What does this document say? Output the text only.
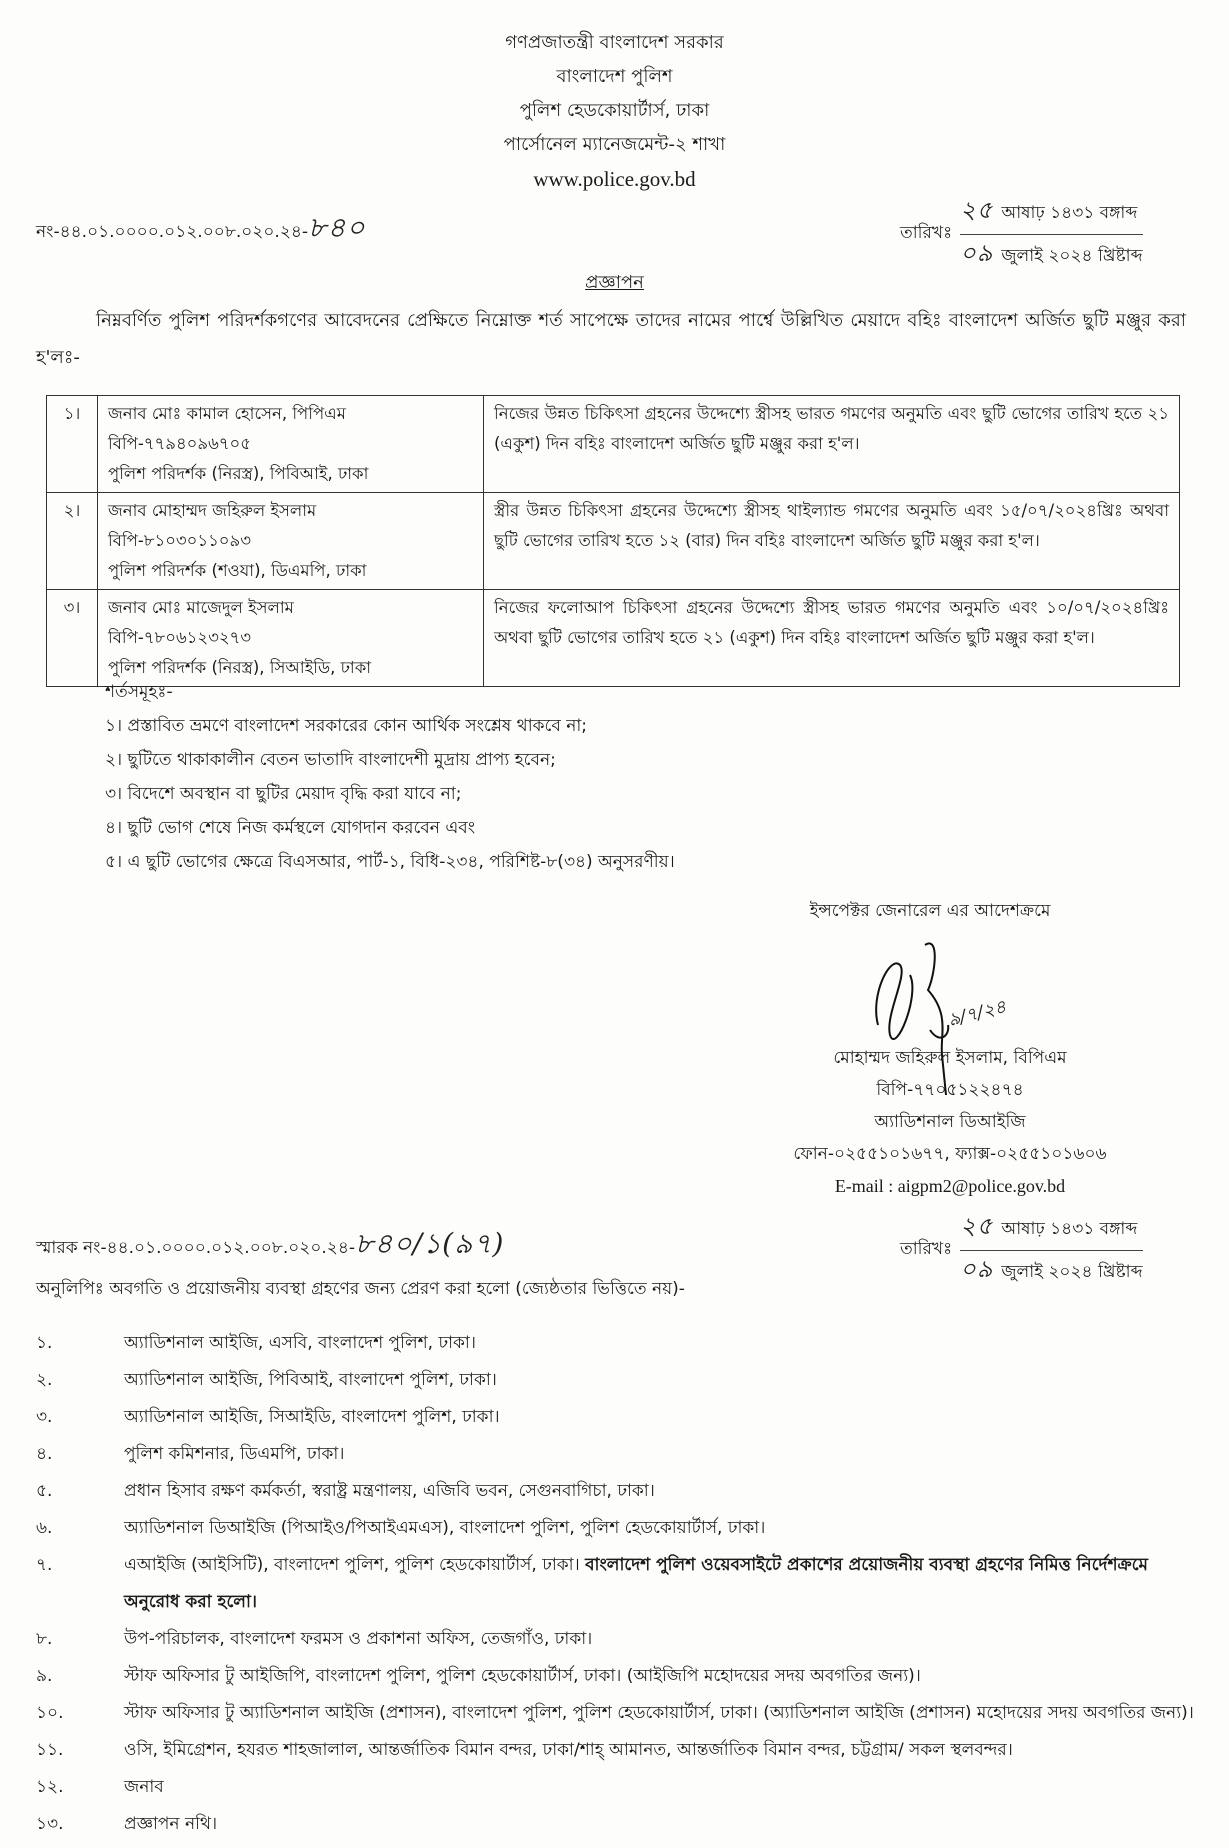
গণপ্রজাতন্ত্রী বাংলাদেশ সরকার
বাংলাদেশ পুলিশ
পুলিশ হেডকোয়ার্টার্স, ঢাকা
পার্সোনেল ম্যানেজমেন্ট-২ শাখা
www.police.gov.bd
নং-৪৪.০১.০০০০.০১২.০০৮.০২০.২৪- ৮৪০	তারিখঃ
২৫ আষাঢ় ১৪৩১ বঙ্গাব্দ
০৯ জুলাই ২০২৪ খ্রিষ্টাব্দ
প্রজ্ঞাপন
নিম্নবর্ণিত পুলিশ পরিদর্শকগণের আবেদনের প্রেক্ষিতে নিম্নোক্ত শর্ত সাপেক্ষে তাদের নামের পার্শ্বে উল্লিখিত মেয়াদে বহিঃ বাংলাদেশ অর্জিত ছুটি মঞ্জুর করা হ'লঃ-
১।	জনাব মোঃ কামাল হোসেন, পিপিএম
বিপি-৭৭৯৪০৯৬৭০৫
পুলিশ পরিদর্শক (নিরস্ত্র), পিবিআই, ঢাকা	নিজের উন্নত চিকিৎসা গ্রহনের উদ্দেশ্যে স্ত্রীসহ ভারত গমণের অনুমতি এবং ছুটি ভোগের তারিখ হতে ২১ (একুশ) দিন বহিঃ বাংলাদেশ অর্জিত ছুটি মঞ্জুর করা হ'ল।
২।	জনাব মোহাম্মদ জহিরুল ইসলাম
বিপি-৮১০৩০১১০৯৩
পুলিশ পরিদর্শক (শওযা), ডিএমপি, ঢাকা	স্ত্রীর উন্নত চিকিৎসা গ্রহনের উদ্দেশ্যে স্ত্রীসহ থাইল্যান্ড গমণের অনুমতি এবং ১৫/০৭/২০২৪খ্রিঃ অথবা ছুটি ভোগের তারিখ হতে ১২ (বার) দিন বহিঃ বাংলাদেশ অর্জিত ছুটি মঞ্জুর করা হ'ল।
৩।	জনাব মোঃ মাজেদুল ইসলাম
বিপি-৭৮০৬১২৩২৭৩
পুলিশ পরিদর্শক (নিরস্ত্র), সিআইডি, ঢাকা	নিজের ফলোআপ চিকিৎসা গ্রহনের উদ্দেশ্যে স্ত্রীসহ ভারত গমণের অনুমতি এবং ১০/০৭/২০২৪খ্রিঃ অথবা ছুটি ভোগের তারিখ হতে ২১ (একুশ) দিন বহিঃ বাংলাদেশ অর্জিত ছুটি মঞ্জুর করা হ'ল।
শর্তসমূহঃ-
১। প্রস্তাবিত ভ্রমণে বাংলাদেশ সরকারের কোন আর্থিক সংশ্লেষ থাকবে না;
২। ছুটিতে থাকাকালীন বেতন ভাতাদি বাংলাদেশী মুদ্রায় প্রাপ্য হবেন;
৩। বিদেশে অবস্থান বা ছুটির মেয়াদ বৃদ্ধি করা যাবে না;
৪। ছুটি ভোগ শেষে নিজ কর্মস্থলে যোগদান করবেন এবং
৫। এ ছুটি ভোগের ক্ষেত্রে বিএসআর, পার্ট-১, বিধি-২৩৪, পরিশিষ্ট-৮(৩৪) অনুসরণীয়।
ইন্সপেক্টর জেনারেল এর আদেশক্রমে
৯/৭/২৪
মোহাম্মদ জহিরুল ইসলাম, বিপিএম
বিপি-৭৭০৫১২২৪৭৪
অ্যাডিশনাল ডিআইজি
ফোন-০২৫৫১০১৬৭৭, ফ্যাক্স-০২৫৫১০১৬০৬
E-mail : aigpm2@police.gov.bd
স্মারক নং-৪৪.০১.০০০০.০১২.০০৮.০২০.২৪- ৮৪০/১(৯৭)	তারিখঃ
২৫ আষাঢ় ১৪৩১ বঙ্গাব্দ
০৯ জুলাই ২০২৪ খ্রিষ্টাব্দ
অনুলিপিঃ অবগতি ও প্রয়োজনীয় ব্যবস্থা গ্রহণের জন্য প্রেরণ করা হলো (জ্যেষ্ঠতার ভিত্তিতে নয়)-
১.	অ্যাডিশনাল আইজি, এসবি, বাংলাদেশ পুলিশ, ঢাকা।
২.	অ্যাডিশনাল আইজি, পিবিআই, বাংলাদেশ পুলিশ, ঢাকা।
৩.	অ্যাডিশনাল আইজি, সিআইডি, বাংলাদেশ পুলিশ, ঢাকা।
৪.	পুলিশ কমিশনার, ডিএমপি, ঢাকা।
৫.	প্রধান হিসাব রক্ষণ কর্মকর্তা, স্বরাষ্ট্র মন্ত্রণালয়, এজিবি ভবন, সেগুনবাগিচা, ঢাকা।
৬.	অ্যাডিশনাল ডিআইজি (পিআইও/পিআইএমএস), বাংলাদেশ পুলিশ, পুলিশ হেডকোয়ার্টার্স, ঢাকা।
৭.	এআইজি (আইসিটি), বাংলাদেশ পুলিশ, পুলিশ হেডকোয়ার্টার্স, ঢাকা। বাংলাদেশ পুলিশ ওয়েবসাইটে প্রকাশের প্রয়োজনীয় ব্যবস্থা গ্রহণের নিমিত্ত নির্দেশক্রমে অনুরোধ করা হলো।
৮.	উপ-পরিচালক, বাংলাদেশ ফরমস ও প্রকাশনা অফিস, তেজগাঁও, ঢাকা।
৯.	স্টাফ অফিসার টু আইজিপি, বাংলাদেশ পুলিশ, পুলিশ হেডকোয়ার্টার্স, ঢাকা। (আইজিপি মহোদয়ের সদয় অবগতির জন্য)।
১০.	স্টাফ অফিসার টু অ্যাডিশনাল আইজি (প্রশাসন), বাংলাদেশ পুলিশ, পুলিশ হেডকোয়ার্টার্স, ঢাকা। (অ্যাডিশনাল আইজি (প্রশাসন) মহোদয়ের সদয় অবগতির জন্য)।
১১.	ওসি, ইমিগ্রেশন, হযরত শাহজালাল, আন্তর্জাতিক বিমান বন্দর, ঢাকা/শাহ্ আমানত, আন্তর্জাতিক বিমান বন্দর, চট্টগ্রাম/ সকল স্থলবন্দর।
১২.	জনাব
১৩.	প্রজ্ঞাপন নথি।
